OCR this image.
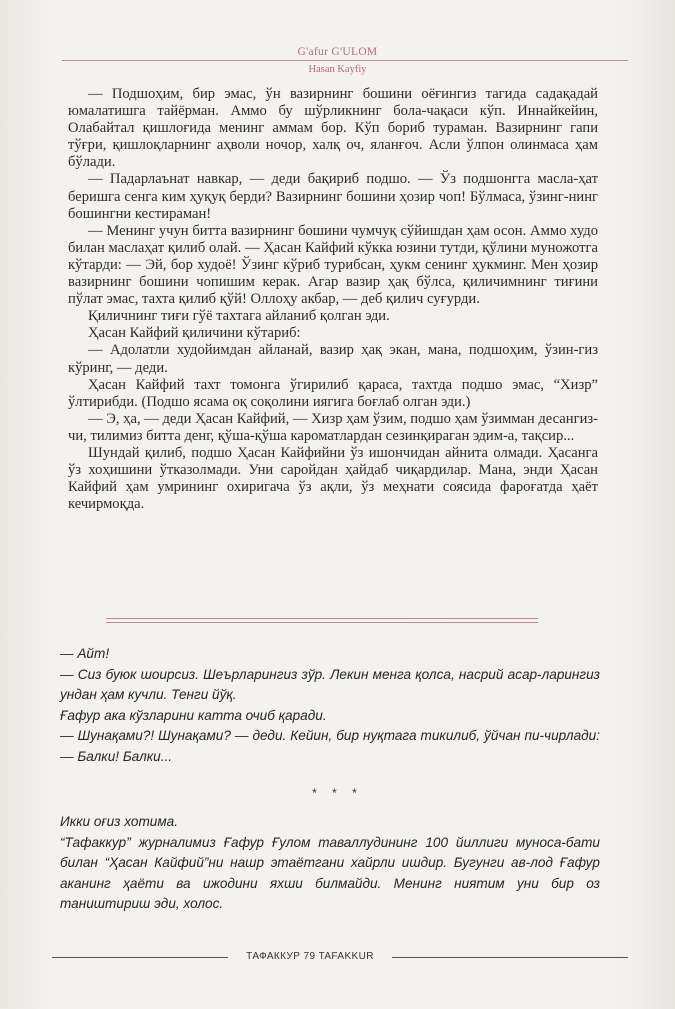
G'afur G'ULOM
Hasan Kayfiy

— Подшоҳим, бир эмас, ўн вазирнинг бошини оёғингиз тагида садақадай юмалатишга тайёрман. Аммо бу шўрликнинг бола-чақаси кўп. Иннайкейин, Олабайтал қишлоғида менинг аммам бор. Кўп бориб тураман. Вазирнинг гапи тўғри, қишлоқларнинг аҳволи ночор, халқ оч, яланғоч. Асли ўлпон олинмаса ҳам бўлади.

— Падарлаънат навкар, — деди бақириб подшо. — Ўз подшонгга масла-ҳат беришга сенга ким ҳуқуқ берди? Вазирнинг бошини ҳозир чоп! Бўлмаса, ўзинг-нинг бошингни кестираман!

— Менинг учун битта вазирнинг бошини чумчуқ сўйишдан ҳам осон. Аммо худо билан маслаҳат қилиб олай. — Ҳасан Кайфий кўкка юзини тутди, қўлини муножотга кўтарди: — Эй, бор худоё! Ўзинг кўриб турибсан, ҳукм сенинг ҳукминг. Мен ҳозир вазирнинг бошини чопишим керак. Агар вазир ҳақ бўлса, қиличимнинг тиғини пўлат эмас, тахта қилиб қўй! Оллоҳу акбар, — деб қилич суғурди.

Қиличнинг тиғи гўё тахтага айланиб қолган эди.

Ҳасан Кайфий қиличини кўтариб:

— Адолатли худойимдан айланай, вазир ҳақ экан, мана, подшоҳим, ўзин-гиз кўринг, — деди.

Ҳасан Кайфий тахт томонга ўгирилиб қараса, тахтда подшо эмас, “Хизр” ўлтирибди. (Подшо ясама оқ соқолини иягига боғлаб олган эди.)

— Э, ҳа, — деди Ҳасан Кайфий, — Хизр ҳам ўзим, подшо ҳам ўзимман десангиз-чи, тилимиз битта денг, қўша-қўша кароматлардан сезинқираган эдим-а, тақсир...

Шундай қилиб, подшо Ҳасан Кайфийни ўз ишончидан айнита олмади. Ҳасанга ўз хоҳишини ўтказолмади. Уни саройдан ҳайдаб чиқардилар. Мана, энди Ҳасан Кайфий ҳам умрининг охиригача ўз ақли, ўз меҳнати соясида фароғатда ҳаёт кечирмоқда.

— Айт!

— Сиз буюк шоирсиз. Шеърларингиз зўр. Лекин менга қолса, насрий асар-ларингиз ундан ҳам кучли. Тенги йўқ.

Ғафур ака кўзларини катта очиб қаради.

— Шунақами?! Шунақами? — деди. Кейин, бир нуқтага тикилиб, ўйчан пи-чирлади: — Балки! Балки...

* * *

Икки оғиз хотима.

“Тафаккур” журналимиз Ғафур Ғулом таваллудининг 100 йиллиги муноса-бати билан “Ҳасан Кайфий”ни нашр этаётгани хайрли ишдир. Бугунги ав-лод Ғафур аканинг ҳаёти ва ижодини яхши билмайди. Менинг ниятим уни бир оз таништириш эди, холос.

ТАФАККУР 79 TAFAKKUR
